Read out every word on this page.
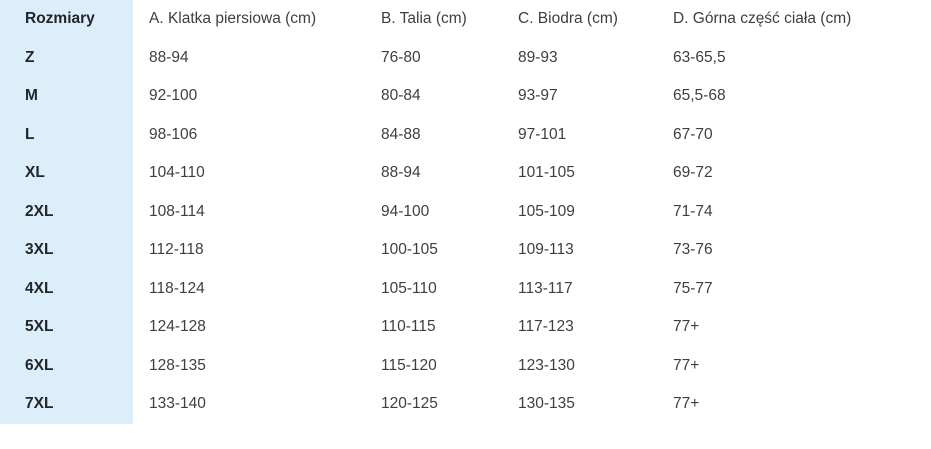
Rozmiary	A. Klatka piersiowa (cm)	B. Talia (cm)	C. Biodra (cm)	D. Górna część ciała (cm)
Z	88-94	76-80	89-93	63-65,5
M	92-100	80-84	93-97	65,5-68
L	98-106	84-88	97-101	67-70
XL	104-110	88-94	101-105	69-72
2XL	108-114	94-100	105-109	71-74
3XL	112-118	100-105	109-113	73-76
4XL	118-124	105-110	113-117	75-77
5XL	124-128	110-115	117-123	77+
6XL	128-135	115-120	123-130	77+
7XL	133-140	120-125	130-135	77+
